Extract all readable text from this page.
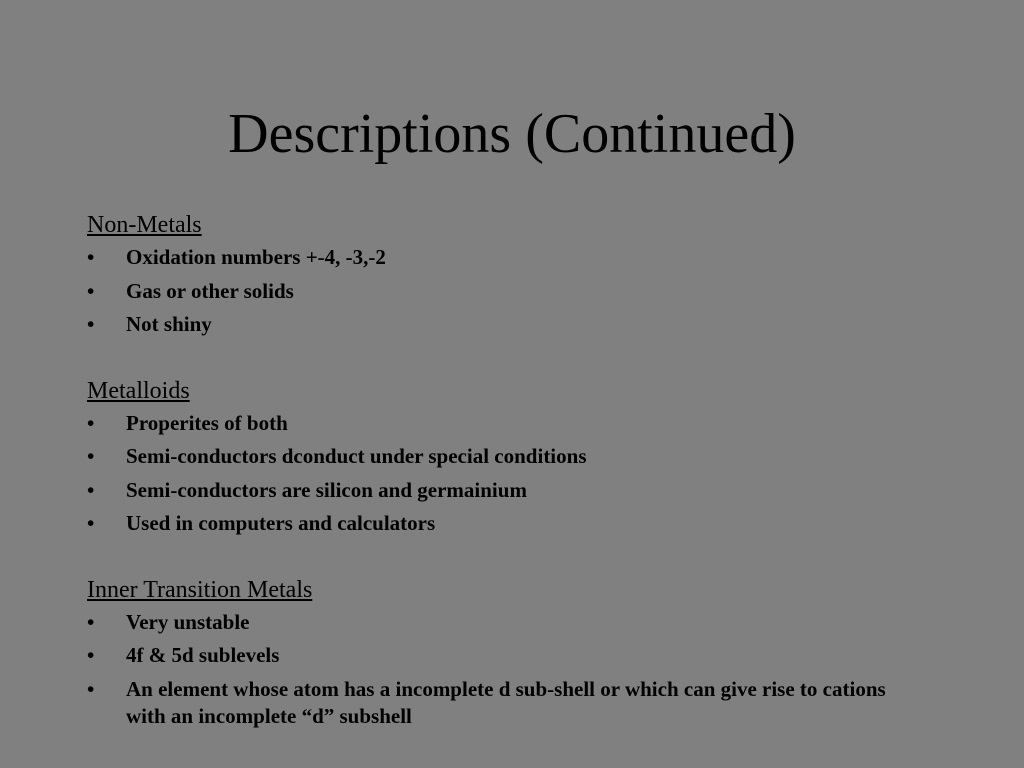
Descriptions (Continued)
Non-Metals
• Oxidation numbers +-4, -3,-2
• Gas or other solids
• Not shiny
Metalloids
• Properites of both
• Semi-conductors dconduct under special conditions
• Semi-conductors are silicon and germainium
• Used in computers and calculators
Inner Transition Metals
• Very unstable
• 4f & 5d sublevels
• An element whose atom has a incomplete d sub-shell or which can give rise to cations with an incomplete “d” subshell
